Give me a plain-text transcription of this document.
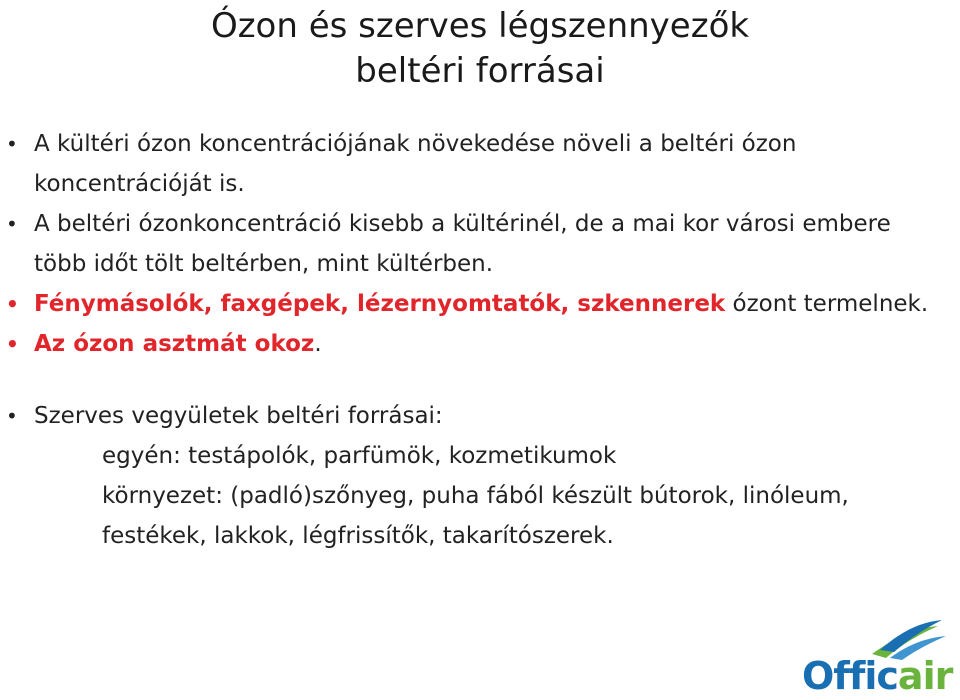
Ózon és szerves légszennyezők
beltéri forrásai

• A kültéri ózon koncentrációjának növekedése növeli a beltéri ózon koncentrációját is.

• A beltéri ózonkoncentráció kisebb a kültérinél, de a mai kor városi embere több időt tölt beltérben, mint kültérben.

• Fénymásolók, faxgépek, lézernyomtatók, szkennerek ózont termelnek.

• Az ózon asztmát okoz.

• Szerves vegyületek beltéri forrásai:
egyén: testápolók, parfümök, kozmetikumok
környezet: (padló)szőnyeg, puha fából készült bútorok, linóleum, festékek, lakkok, légfrissítők, takarítószerek.

Officair
